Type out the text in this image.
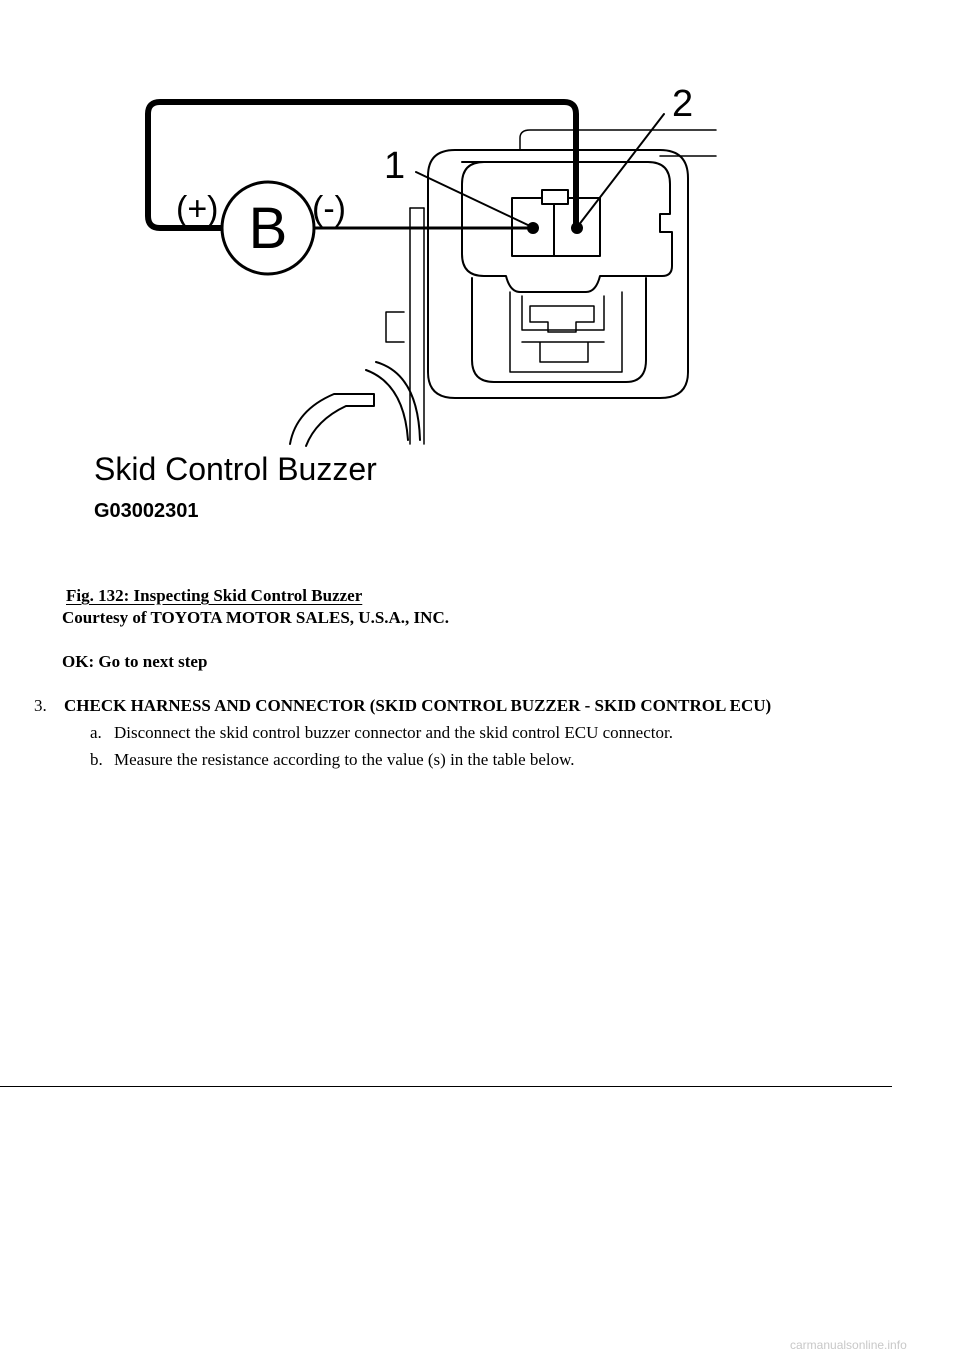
B
(+)	(-)
1
2
Skid Control Buzzer
G03002301
Fig. 132: Inspecting Skid Control Buzzer
Courtesy of TOYOTA MOTOR SALES, U.S.A., INC.
OK: Go to next step
3. CHECK HARNESS AND CONNECTOR (SKID CONTROL BUZZER - SKID CONTROL ECU)
a. Disconnect the skid control buzzer connector and the skid control ECU connector.
b. Measure the resistance according to the value (s) in the table below.
carmanualsonline.info
